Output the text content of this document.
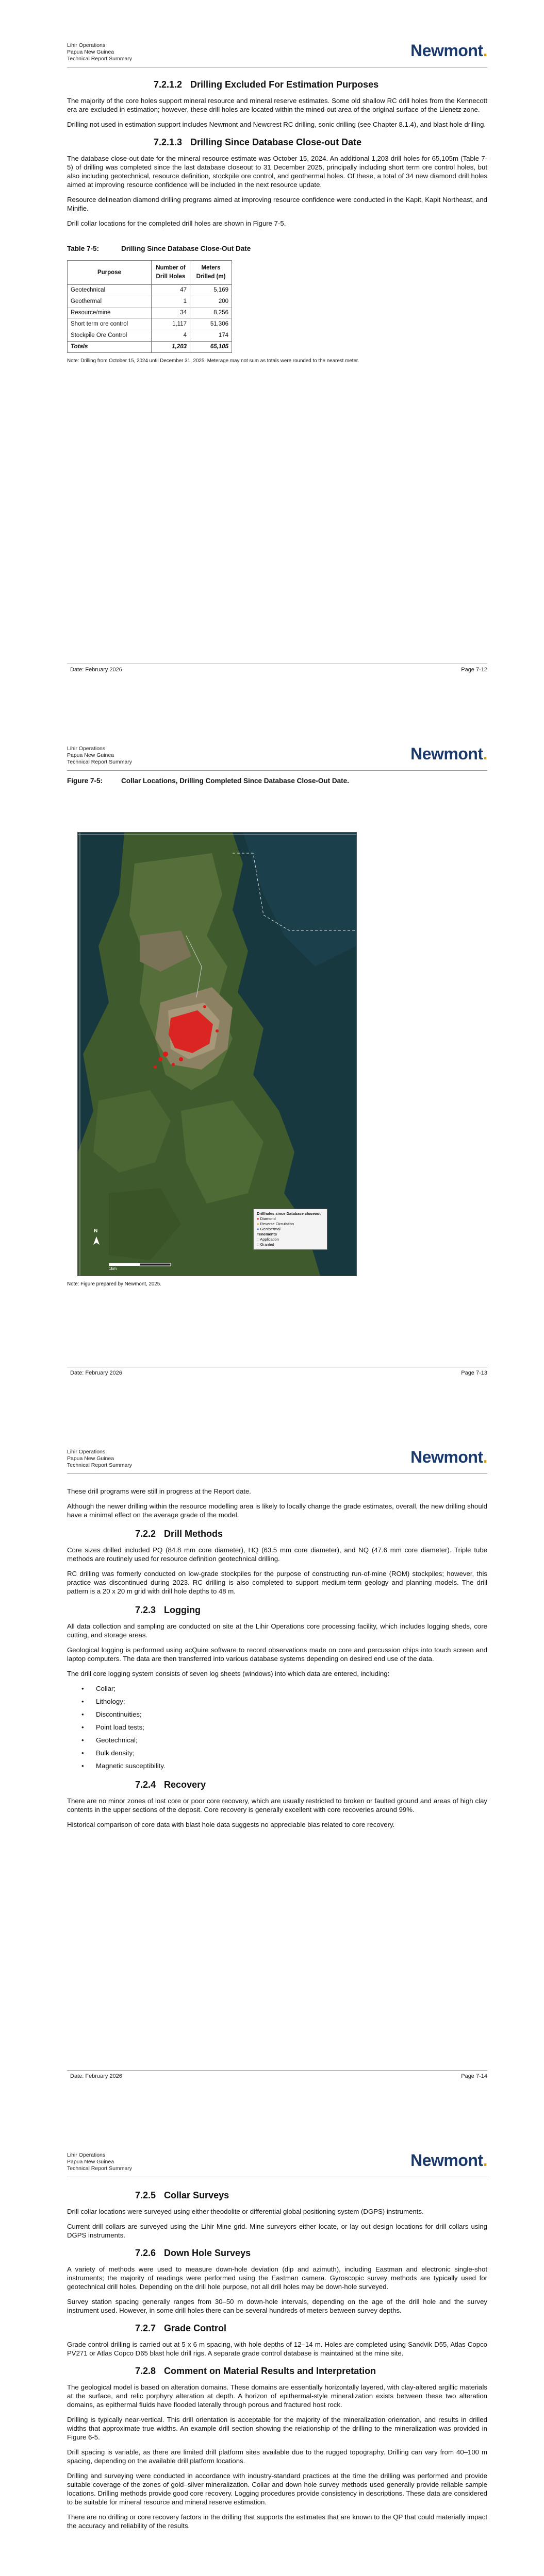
Lihir Operations
Papua New Guinea
Technical Report Summary	Newmont.
7.2.1.2 Drilling Excluded For Estimation Purposes

The majority of the core holes support mineral resource and mineral reserve estimates. Some old shallow RC drill holes from the Kennecott era are excluded in estimation; however, these drill holes are located within the mined-out area of the original surface of the Lienetz zone.

Drilling not used in estimation support includes Newmont and Newcrest RC drilling, sonic drilling (see Chapter 8.1.4), and blast hole drilling.

7.2.1.3 Drilling Since Database Close-out Date

The database close-out date for the mineral resource estimate was October 15, 2024. An additional 1,203 drill holes for 65,105m (Table 7-5) of drilling was completed since the last database closeout to 31 December 2025, principally including short term ore control holes, but also including geotechnical, resource definition, stockpile ore control, and geothermal holes. Of these, a total of 34 new diamond drill holes aimed at improving resource confidence will be included in the next resource update.

Resource delineation diamond drilling programs aimed at improving resource confidence were conducted in the Kapit, Kapit Northeast, and Minifie.

Drill collar locations for the completed drill holes are shown in Figure 7-5.

Table 7-5:	Drilling Since Database Close-Out Date
Purpose	Number of Drill Holes	Meters Drilled (m)
Geotechnical	47	5,169
Geothermal	1	200
Resource/mine	34	8,256
Short term ore control	1,117	51,306
Stockpile Ore Control	4	174
Totals	1,203	65,105
Note: Drilling from October 15, 2024 until December 31, 2025. Meterage may not sum as totals were rounded to the nearest meter.
Date: February 2026	Page 7-12
Lihir Operations
Papua New Guinea
Technical Report Summary	Newmont.
Figure 7-5:	Collar Locations, Drilling Completed Since Database Close-Out Date.
N
1km
Drillholes since Database closeout
● Diamond
● Reverse Circulation
● Geothermal
Tenements
□ Application
□ Granted
Note: Figure prepared by Newmont, 2025.
Date: February 2026	Page 7-13
Lihir Operations
Papua New Guinea
Technical Report Summary	Newmont.

These drill programs were still in progress at the Report date.

Although the newer drilling within the resource modelling area is likely to locally change the grade estimates, overall, the new drilling should have a minimal effect on the average grade of the model.

7.2.2 Drill Methods

Core sizes drilled included PQ (84.8 mm core diameter), HQ (63.5 mm core diameter), and NQ (47.6 mm core diameter). Triple tube methods are routinely used for resource definition geotechnical drilling.

RC drilling was formerly conducted on low-grade stockpiles for the purpose of constructing run-of-mine (ROM) stockpiles; however, this practice was discontinued during 2023. RC drilling is also completed to support medium-term geology and planning models. The drill pattern is a 20 x 20 m grid with drill hole depths to 48 m.

7.2.3 Logging

All data collection and sampling are conducted on site at the Lihir Operations core processing facility, which includes logging sheds, core cutting, and storage areas.

Geological logging is performed using acQuire software to record observations made on core and percussion chips into touch screen and laptop computers. The data are then transferred into various database systems depending on desired end use of the data.

The drill core logging system consists of seven log sheets (windows) into which data are entered, including:

• Collar;
• Lithology;
• Discontinuities;
• Point load tests;
• Geotechnical;
• Bulk density;
• Magnetic susceptibility.
7.2.4 Recovery

There are no minor zones of lost core or poor core recovery, which are usually restricted to broken or faulted ground and areas of high clay contents in the upper sections of the deposit. Core recovery is generally excellent with core recoveries around 99%.

Historical comparison of core data with blast hole data suggests no appreciable bias related to core recovery.

Date: February 2026	Page 7-14
Lihir Operations
Papua New Guinea
Technical Report Summary	Newmont.
7.2.5 Collar Surveys

Drill collar locations were surveyed using either theodolite or differential global positioning system (DGPS) instruments.

Current drill collars are surveyed using the Lihir Mine grid. Mine surveyors either locate, or lay out design locations for drill collars using DGPS instruments.

7.2.6 Down Hole Surveys

A variety of methods were used to measure down-hole deviation (dip and azimuth), including Eastman and electronic single-shot instruments; the majority of readings were performed using the Eastman camera. Gyroscopic survey methods are typically used for geotechnical drill holes. Depending on the drill hole purpose, not all drill holes may be down-hole surveyed.

Survey station spacing generally ranges from 30–50 m down-hole intervals, depending on the age of the drill hole and the survey instrument used. However, in some drill holes there can be several hundreds of meters between survey depths.

7.2.7 Grade Control

Grade control drilling is carried out at 5 x 6 m spacing, with hole depths of 12–14 m. Holes are completed using Sandvik D55, Atlas Copco PV271 or Atlas Copco D65 blast hole drill rigs. A separate grade control database is maintained at the mine site.

7.2.8 Comment on Material Results and Interpretation

The geological model is based on alteration domains. These domains are essentially horizontally layered, with clay-altered argillic materials at the surface, and relic porphyry alteration at depth. A horizon of epithermal-style mineralization exists between these two alteration domains, as epithermal fluids have flooded laterally through porous and fractured host rock.

Drilling is typically near-vertical. This drill orientation is acceptable for the majority of the mineralization orientation, and results in drilled widths that approximate true widths. An example drill section showing the relationship of the drilling to the mineralization was provided in Figure 6-5.

Drill spacing is variable, as there are limited drill platform sites available due to the rugged topography. Drilling can vary from 40–100 m spacing, depending on the available drill platform locations.

Drilling and surveying were conducted in accordance with industry-standard practices at the time the drilling was performed and provide suitable coverage of the zones of gold–silver mineralization. Collar and down hole survey methods used generally provide reliable sample locations. Drilling methods provide good core recovery. Logging procedures provide consistency in descriptions. These data are considered to be suitable for mineral resource and mineral reserve estimation.

There are no drilling or core recovery factors in the drilling that supports the estimates that are known to the QP that could materially impact the accuracy and reliability of the results.
